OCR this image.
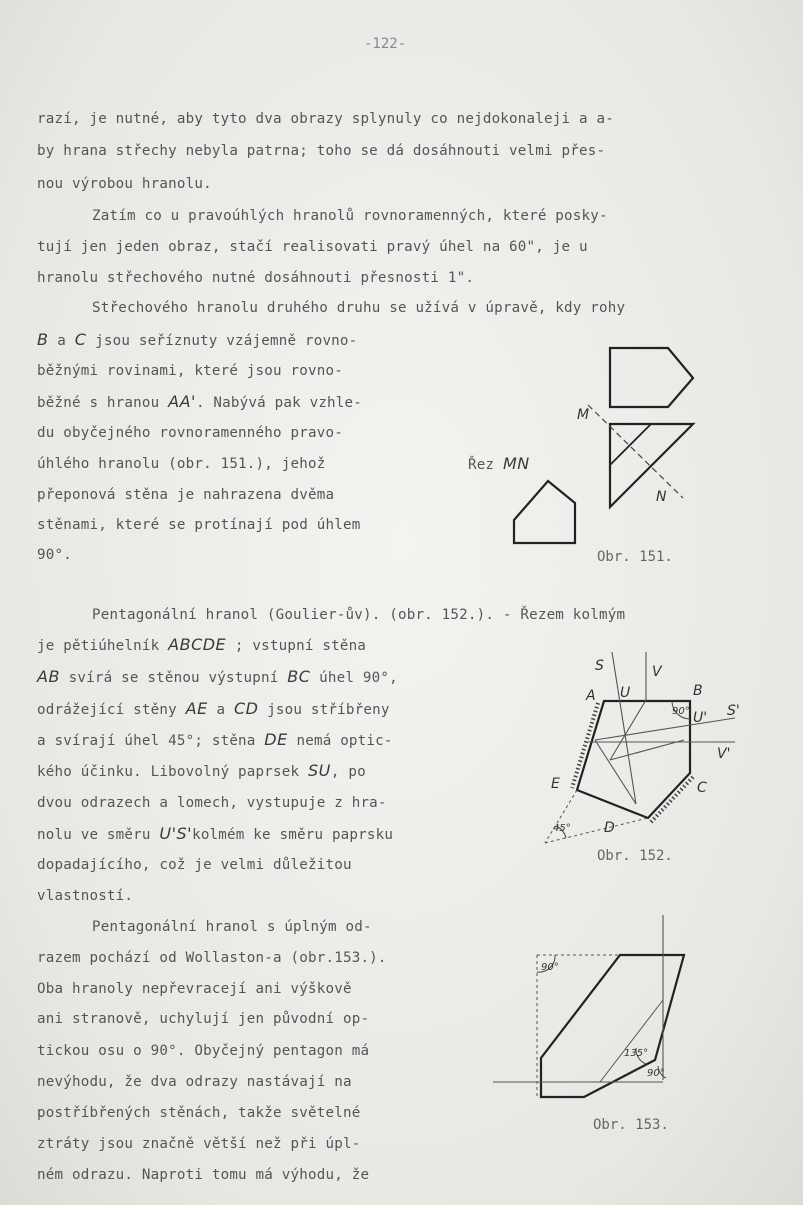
-122-
razí, je nutné, aby tyto dva obrazy splynuly co nejdokonaleji a a-
by hrana střechy nebyla patrna; toho se dá dosáhnouti velmi přes-
nou výrobou hranolu.
Zatím co u pravoúhlých hranolů rovnoramenných, které posky-
tují jen jeden obraz, stačí realisovati pravý úhel na 60", je u
hranolu střechového nutné dosáhnouti přesnosti 1".
Střechového hranolu druhého druhu se užívá v úpravě, kdy rohy
B a C jsou seříznuty vzájemně rovno-
běžnými rovinami, které jsou rovno-
běžné s hranou AA'. Nabývá pak vzhle-
du obyčejného rovnoramenného pravo-
úhlého hranolu (obr. 151.), jehož
přeponová stěna je nahrazena dvěma
stěnami, které se protínají pod úhlem
90°.
M
N
Řez MN
Obr. 151.
Pentagonální hranol (Goulier-ův). (obr. 152.). - Řezem kolmým
je pětiúhelník ABCDE ; vstupní stěna
AB svírá se stěnou výstupní BC úhel 90°,
odrážející stěny AE a CD jsou stříbřeny
a svírají úhel 45°; stěna DE nemá optic-
kého účinku. Libovolný paprsek SU, po
dvou odrazech a lomech, vystupuje z hra-
nolu ve směru U'S'kolmém ke směru paprsku
dopadajícího, což je velmi důležitou
vlastností.
S	V
A U	B
U' S'
V'
E	C
D
90°
45°
Obr. 152.
Pentagonální hranol s úplným od-
razem pochází od Wollaston-a (obr.153.).
Oba hranoly nepřevracejí ani výškově
ani stranově, uchylují jen původní op-
tickou osu o 90°. Obyčejný pentagon má
nevýhodu, že dva odrazy nastávají na
postříbřených stěnách, takže světelné
ztráty jsou značně větší než při úpl-
ném odrazu. Naproti tomu má výhodu, že
90°
135°
90°
Obr. 153.
